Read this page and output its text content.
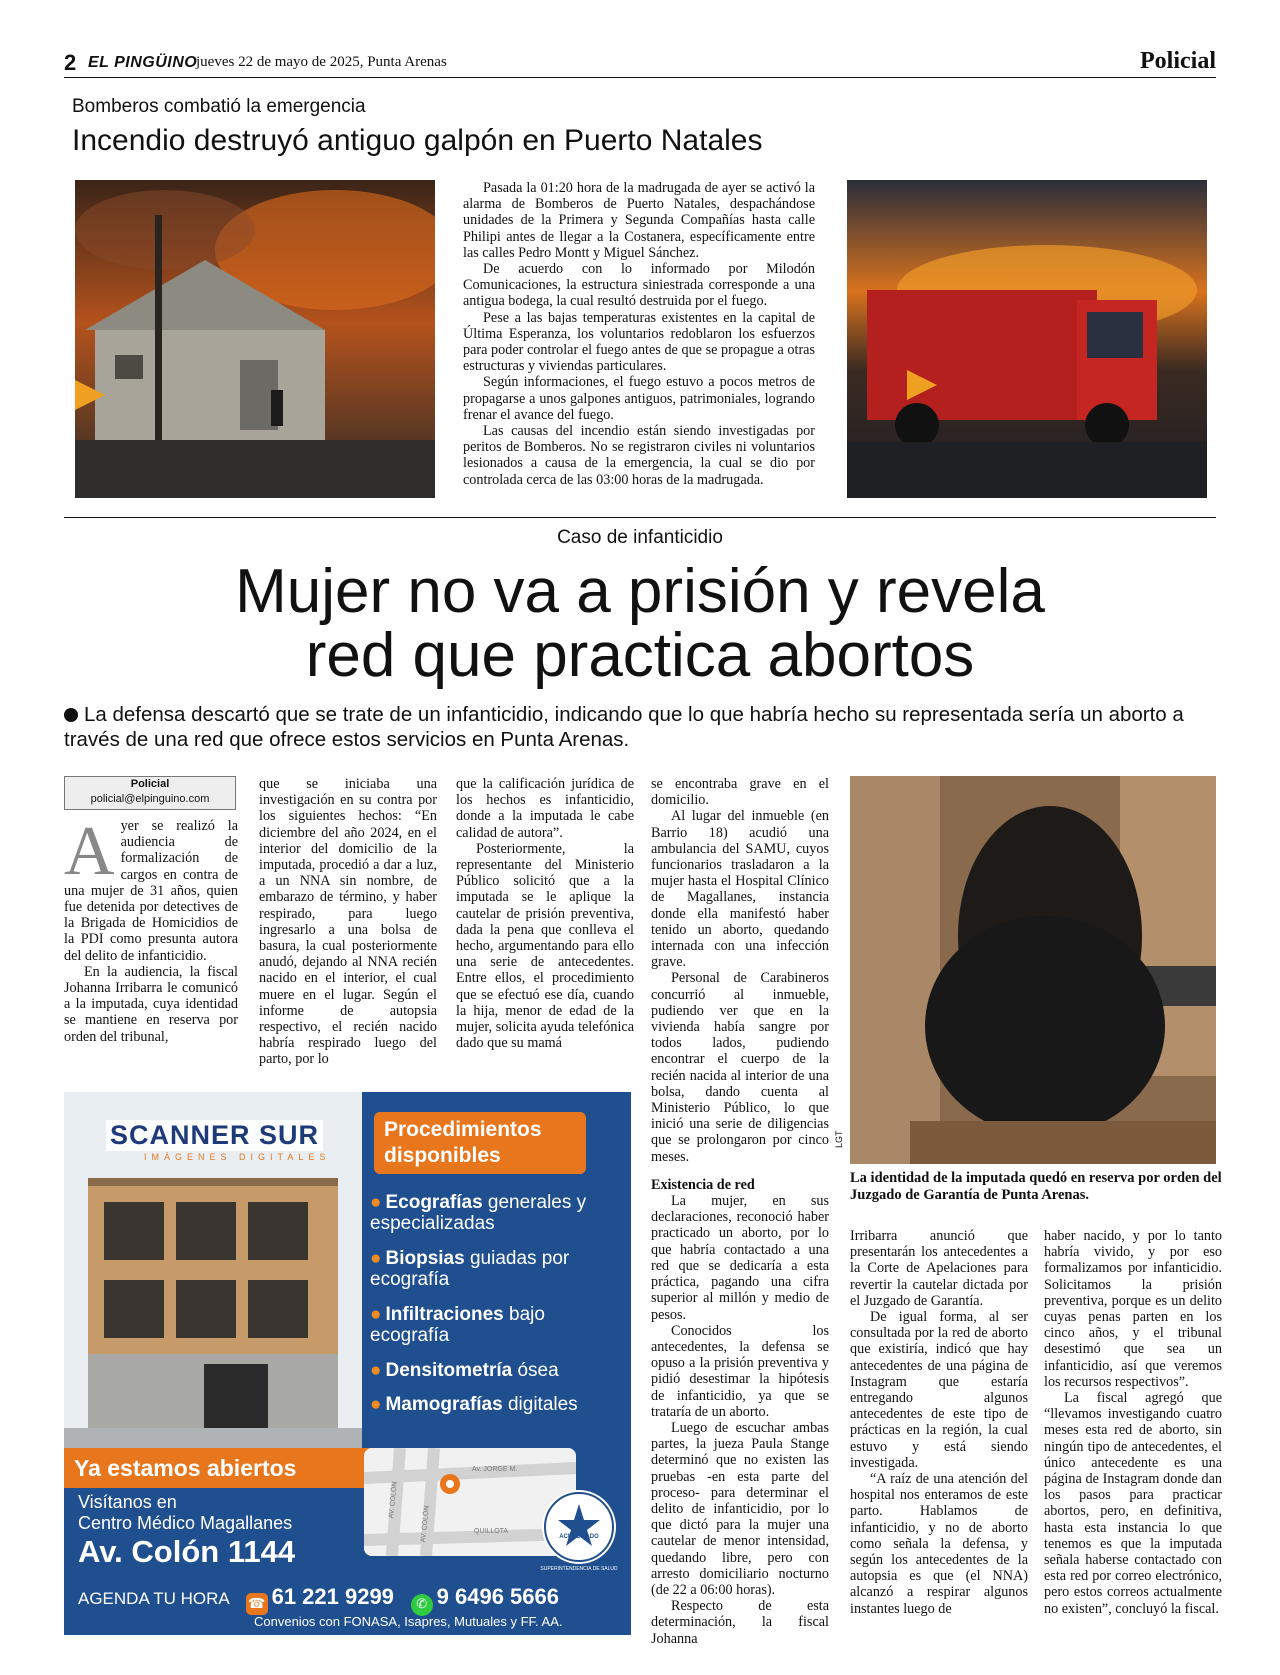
2 EL PINGÜINO
jueves 22 de mayo de 2025, Punta Arenas	Policial
Bomberos combatió la emergencia
Incendio destruyó antiguo galpón en Puerto Natales

Pasada la 01:20 hora de la madrugada de ayer se activó la alarma de Bomberos de Puerto Natales, despachándose unidades de la Primera y Segunda Compañías hasta calle Philipi antes de llegar a la Costanera, específicamente entre las calles Pedro Montt y Miguel Sánchez.

De acuerdo con lo informado por Milodón Comunicaciones, la estructura siniestrada corresponde a una antigua bodega, la cual resultó destruida por el fuego.

Pese a las bajas temperaturas existentes en la capital de Última Esperanza, los voluntarios redoblaron los esfuerzos para poder controlar el fuego antes de que se propague a otras estructuras y viviendas particulares.

Según informaciones, el fuego estuvo a pocos metros de propagarse a unos galpones antiguos, patrimoniales, logrando frenar el avance del fuego.

Las causas del incendio están siendo investigadas por peritos de Bomberos. No se registraron civiles ni voluntarios lesionados a causa de la emergencia, la cual se dio por controlada cerca de las 03:00 horas de la madrugada.

Caso de infanticidio
Mujer no va a prisión y revela
red que practica abortos
La defensa descartó que se trate de un infanticidio, indicando que lo que habría hecho su representada sería un aborto a través de una red que ofrece estos servicios en Punta Arenas.
Policial
policial@elpinguino.com

Ayer se realizó la audiencia de formalización de cargos en contra de una mujer de 31 años, quien fue detenida por detectives de la Brigada de Homicidios de la PDI como presunta autora del delito de infanticidio.

En la audiencia, la fiscal Johanna Irribarra le comunicó a la imputada, cuya identidad se mantiene en reserva por orden del tribunal,

que se iniciaba una investigación en su contra por los siguientes hechos: “En diciembre del año 2024, en el interior del domicilio de la imputada, procedió a dar a luz, a un NNA sin nombre, de embarazo de término, y haber respirado, para luego ingresarlo a una bolsa de basura, la cual posteriormente anudó, dejando al NNA recién nacido en el interior, el cual muere en el lugar. Según el informe de autopsia respectivo, el recién nacido habría respirado luego del parto, por lo

que la calificación jurídica de los hechos es infanticidio, donde a la imputada le cabe calidad de autora”.

Posteriormente, la representante del Ministerio Público solicitó que a la imputada se le aplique la cautelar de prisión preventiva, dada la pena que conlleva el hecho, argumentando para ello una serie de antecedentes. Entre ellos, el procedimiento que se efectuó ese día, cuando la hija, menor de edad de la mujer, solicita ayuda telefónica dado que su mamá

se encontraba grave en el domicilio.

Al lugar del inmueble (en Barrio 18) acudió una ambulancia del SAMU, cuyos funcionarios trasladaron a la mujer hasta el Hospital Clínico de Magallanes, instancia donde ella manifestó haber tenido un aborto, quedando internada con una infección grave.

Personal de Carabineros concurrió al inmueble, pudiendo ver que en la vivienda había sangre por todos lados, pudiendo encontrar el cuerpo de la recién nacida al interior de una bolsa, dando cuenta al Ministerio Público, lo que inició una serie de diligencias que se prolongaron por cinco meses.

Existencia de red

La mujer, en sus declaraciones, reconoció haber practicado un aborto, por lo que habría contactado a una red que se dedicaría a esta práctica, pagando una cifra superior al millón y medio de pesos.

Conocidos los antecedentes, la defensa se opuso a la prisión preventiva y pidió desestimar la hipótesis de infanticidio, ya que se trataría de un aborto.

Luego de escuchar ambas partes, la jueza Paula Stange determinó que no existen las pruebas -en esta parte del proceso- para determinar el delito de infanticidio, por lo que dictó para la mujer una cautelar de menor intensidad, quedando libre, pero con arresto domiciliario nocturno (de 22 a 06:00 horas).

Respecto de esta determinación, la fiscal Johanna

LGT
La identidad de la imputada quedó en reserva por orden del Juzgado de Garantía de Punta Arenas.

Irribarra anunció que presentarán los antecedentes a la Corte de Apelaciones para revertir la cautelar dictada por el Juzgado de Garantía.

De igual forma, al ser consultada por la red de aborto que existiría, indicó que hay antecedentes de una página de Instagram que estaría entregando algunos antecedentes de este tipo de prácticas en la región, la cual estuvo y está siendo investigada.

“A raíz de una atención del hospital nos enteramos de este parto. Hablamos de infanticidio, y no de aborto como señala la defensa, y según los antecedentes de la autopsia es que (el NNA) alcanzó a respirar algunos instantes luego de

haber nacido, y por lo tanto habría vivido, y por eso formalizamos por infanticidio. Solicitamos la prisión preventiva, porque es un delito cuyas penas parten en los cinco años, y el tribunal desestimó que sea un infanticidio, así que veremos los recursos respectivos”.

La fiscal agregó que “llevamos investigando cuatro meses esta red de aborto, sin ningún tipo de antecedentes, el único antecedente es una página de Instagram donde dan los pasos para practicar abortos, pero, en definitiva, hasta esta instancia lo que tenemos es que la imputada señala haberse contactado con esta red por correo electrónico, pero estos correos actualmente no existen”, concluyó la fiscal.

SCANNER SUR
IMÁGENES DIGITALES
Procedimientos disponibles
● Ecografías generales y especializadas
● Biopsias guiadas por ecografía
● Infiltraciones bajo ecografía
● Densitometría ósea
● Mamografías digitales
Ya estamos abiertos
Visítanos en
Centro Médico Magallanes
Av. Colón 1144
Av. JORGE M.
AV. COLÓN
AV. COLÓN	QUILLOTA
ACREDITADO
SUPERINTENDENCIA DE SALUD
AGENDA TU HORA ☎ 61 221 9299 ✆ 9 6496 5666
Convenios con FONASA, Isapres, Mutuales y FF. AA.
